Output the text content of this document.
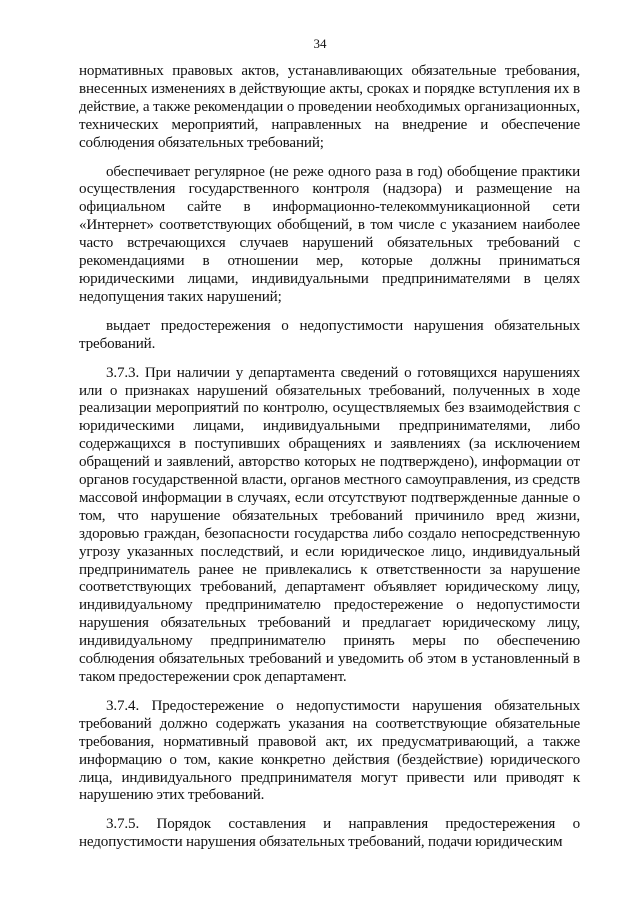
34

нормативных правовых актов, устанавливающих обязательные требования, внесенных изменениях в действующие акты, сроках и порядке вступления их в действие, а также рекомендации о проведении необходимых организационных, технических мероприятий, направленных на внедрение и обеспечение соблюдения обязательных требований;

обеспечивает регулярное (не реже одного раза в год) обобщение практики осуществления государственного контроля (надзора) и размещение на официальном сайте в информационно-телекоммуникационной сети «Интернет» соответствующих обобщений, в том числе с указанием наиболее часто встречающихся случаев нарушений обязательных требований с рекомендациями в отношении мер, которые должны приниматься юридическими лицами, индивидуальными предпринимателями в целях недопущения таких нарушений;

выдает предостережения о недопустимости нарушения обязательных требований.

3.7.3. При наличии у департамента сведений о готовящихся нарушениях или о признаках нарушений обязательных требований, полученных в ходе реализации мероприятий по контролю, осуществляемых без взаимодействия с юридическими лицами, индивидуальными предпринимателями, либо содержащихся в поступивших обращениях и заявлениях (за исключением обращений и заявлений, авторство которых не подтверждено), информации от органов государственной власти, органов местного самоуправления, из средств массовой информации в случаях, если отсутствуют подтвержденные данные о том, что нарушение обязательных требований причинило вред жизни, здоровью граждан, безопасности государства либо создало непосредственную угрозу указанных последствий, и если юридическое лицо, индивидуальный предприниматель ранее не привлекались к ответственности за нарушение соответствующих требований, департамент объявляет юридическому лицу, индивидуальному предпринимателю предостережение о недопустимости нарушения обязательных требований и предлагает юридическому лицу, индивидуальному предпринимателю принять меры по обеспечению соблюдения обязательных требований и уведомить об этом в установленный в таком предостережении срок департамент.

3.7.4. Предостережение о недопустимости нарушения обязательных требований должно содержать указания на соответствующие обязательные требования, нормативный правовой акт, их предусматривающий, а также информацию о том, какие конкретно действия (бездействие) юридического лица, индивидуального предпринимателя могут привести или приводят к нарушению этих требований.

3.7.5. Порядок составления и направления предостережения о недопустимости нарушения обязательных требований, подачи юридическим
